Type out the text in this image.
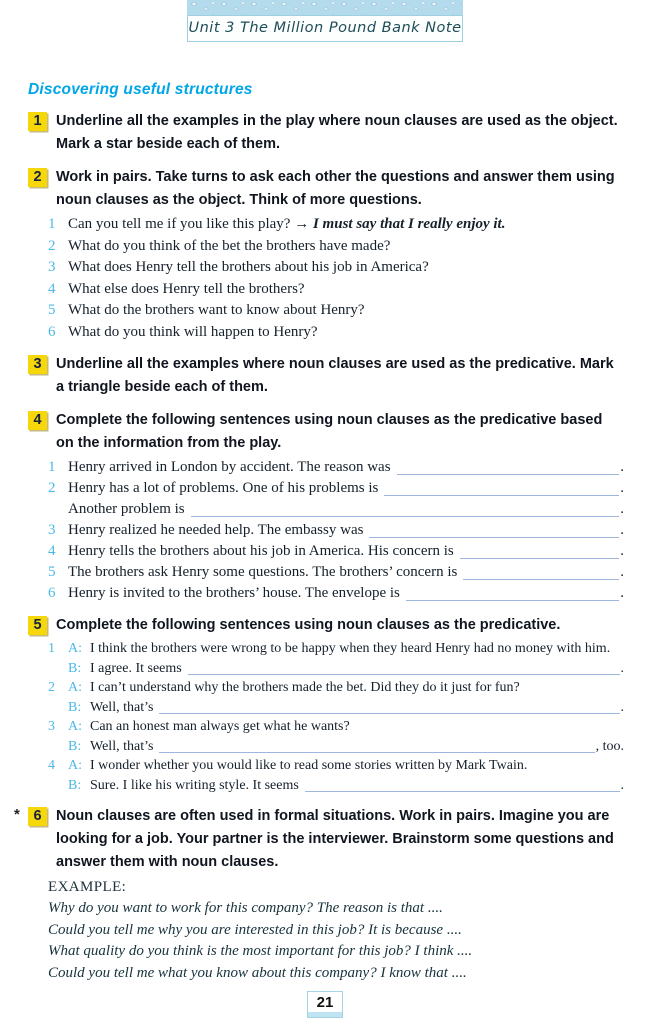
Unit 3 The Million Pound Bank Note
Discovering useful structures
1 Underline all the examples in the play where noun clauses are used as the object. Mark a star beside each of them.
2 Work in pairs. Take turns to ask each other the questions and answer them using noun clauses as the object. Think of more questions.
1 Can you tell me if you like this play? → I must say that I really enjoy it.
2 What do you think of the bet the brothers have made?
3 What does Henry tell the brothers about his job in America?
4 What else does Henry tell the brothers?
5 What do the brothers want to know about Henry?
6 What do you think will happen to Henry?
3 Underline all the examples where noun clauses are used as the predicative. Mark a triangle beside each of them.
4 Complete the following sentences using noun clauses as the predicative based on the information from the play.
1 Henry arrived in London by accident. The reason was	.
2 Henry has a lot of problems. One of his problems is	.
Another problem is	.
3 Henry realized he needed help. The embassy was	.
4 Henry tells the brothers about his job in America. His concern is	.
5 The brothers ask Henry some questions. The brothers’ concern is	.
6 Henry is invited to the brothers’ house. The envelope is	.
5 Complete the following sentences using noun clauses as the predicative.
1 A: I think the brothers were wrong to be happy when they heard Henry had no money with him.
B: I agree. It seems	.
2 A: I can’t understand why the brothers made the bet. Did they do it just for fun?
B: Well, that’s	.
3 A: Can an honest man always get what he wants?
B: Well, that’s	, too.
4 A: I wonder whether you would like to read some stories written by Mark Twain.
B: Sure. I like his writing style. It seems	.
* 6 Noun clauses are often used in formal situations. Work in pairs. Imagine you are looking for a job. Your partner is the interviewer. Brainstorm some questions and answer them with noun clauses.
EXAMPLE:
Why do you want to work for this company? The reason is that ....
Could you tell me why you are interested in this job? It is because ....
What quality do you think is the most important for this job? I think ....
Could you tell me what you know about this company? I know that ....
21
